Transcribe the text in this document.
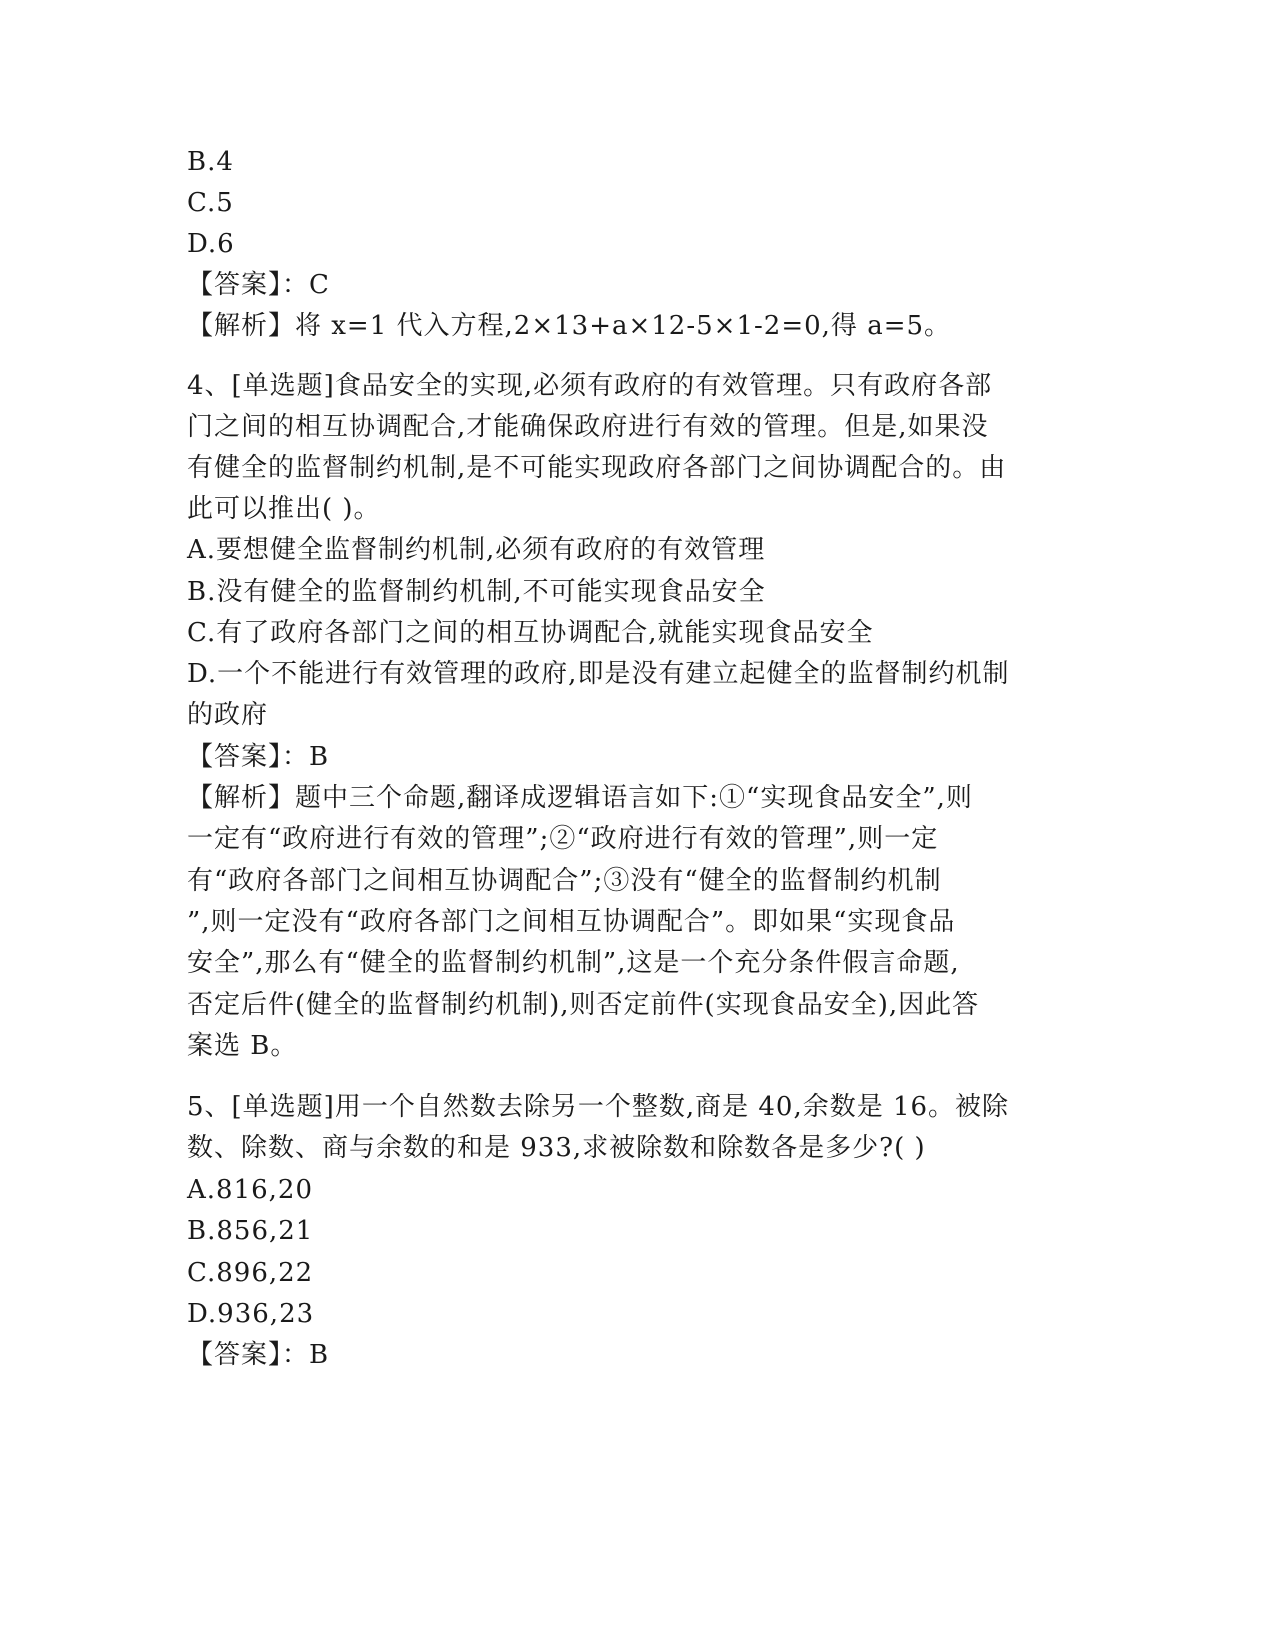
B.4
C.5
D.6
【答案】：C
【解析】将 x=1 代入方程,2×13+a×12-5×1-2=0,得 a=5。
4、[单选题]食品安全的实现,必须有政府的有效管理。只有政府各部
门之间的相互协调配合,才能确保政府进行有效的管理。但是,如果没
有健全的监督制约机制,是不可能实现政府各部门之间协调配合的。由
此可以推出( )。
A.要想健全监督制约机制,必须有政府的有效管理
B.没有健全的监督制约机制,不可能实现食品安全
C.有了政府各部门之间的相互协调配合,就能实现食品安全
D.一个不能进行有效管理的政府,即是没有建立起健全的监督制约机制
的政府
【答案】：B
【解析】题中三个命题,翻译成逻辑语言如下:①“实现食品安全”,则
一定有“政府进行有效的管理”;②“政府进行有效的管理”,则一定
有“政府各部门之间相互协调配合”;③没有“健全的监督制约机制
”,则一定没有“政府各部门之间相互协调配合”。即如果“实现食品
安全”,那么有“健全的监督制约机制”,这是一个充分条件假言命题,
否定后件(健全的监督制约机制),则否定前件(实现食品安全),因此答
案选 B。
5、[单选题]用一个自然数去除另一个整数,商是 40,余数是 16。被除
数、除数、商与余数的和是 933,求被除数和除数各是多少?( )
A.816,20
B.856,21
C.896,22
D.936,23
【答案】：B
